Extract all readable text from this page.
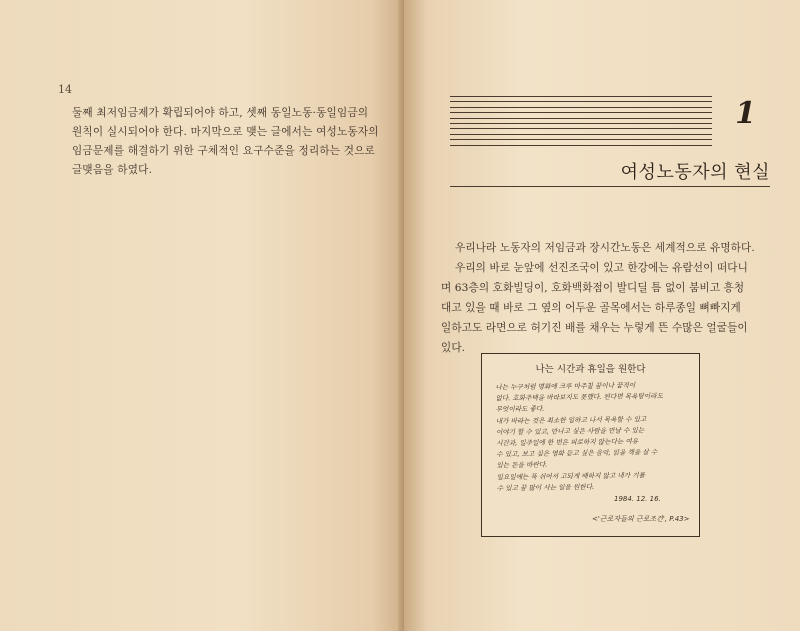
14

둘째 최저임금제가 확립되어야 하고, 셋째 동일노동·동일임금의

원칙이 실시되어야 한다. 마지막으로 맺는 글에서는 여성노동자의

임금문제를 해결하기 위한 구체적인 요구수준을 정리하는 것으로

글맺음을 하였다.

1
여성노동자의 현실

우리나라 노동자의 저임금과 장시간노동은 세계적으로 유명하다.

우리의 바로 눈앞에 선진조국이 있고 한강에는 유람선이 떠다니

며 63층의 호화빌딩이, 호화백화점이 발디딜 틈 없이 붐비고 흥청

대고 있을 때 바로 그 옆의 어두운 골목에서는 하루종일 뼈빠지게

일하고도 라면으로 허기진 배를 채우는 누렇게 뜬 수많은 얼굴들이

있다.

나는 시간과 휴일을 원한다
나는 누구처럼 명화에 크루 마주칠 꿈이나 꿈적이
없다. 호화주택을 바라보지도 못했다. 된다면 목욕탕이라도
무엇이라도 좋다.
내가 바라는 것은 최소한 일하고 나서 목욕할 수 있고
이야기 할 수 있고, 만나고 싶은 사람을 만날 수 있는
시간과, 일주일에 한 번은 피로하지 않는다는 여유
수 있고, 보고 싶은 영화 듣고 싶은 음악, 읽을 책을 살 수
있는 돈을 바란다.
일요일에는 푹 쉬어서 고되게 배하지 않고 내가 기를
수 있고 꿈 많이 사는 일을 원한다.
1984. 12. 16.
<'근로자들의 근로조건', P.43>
